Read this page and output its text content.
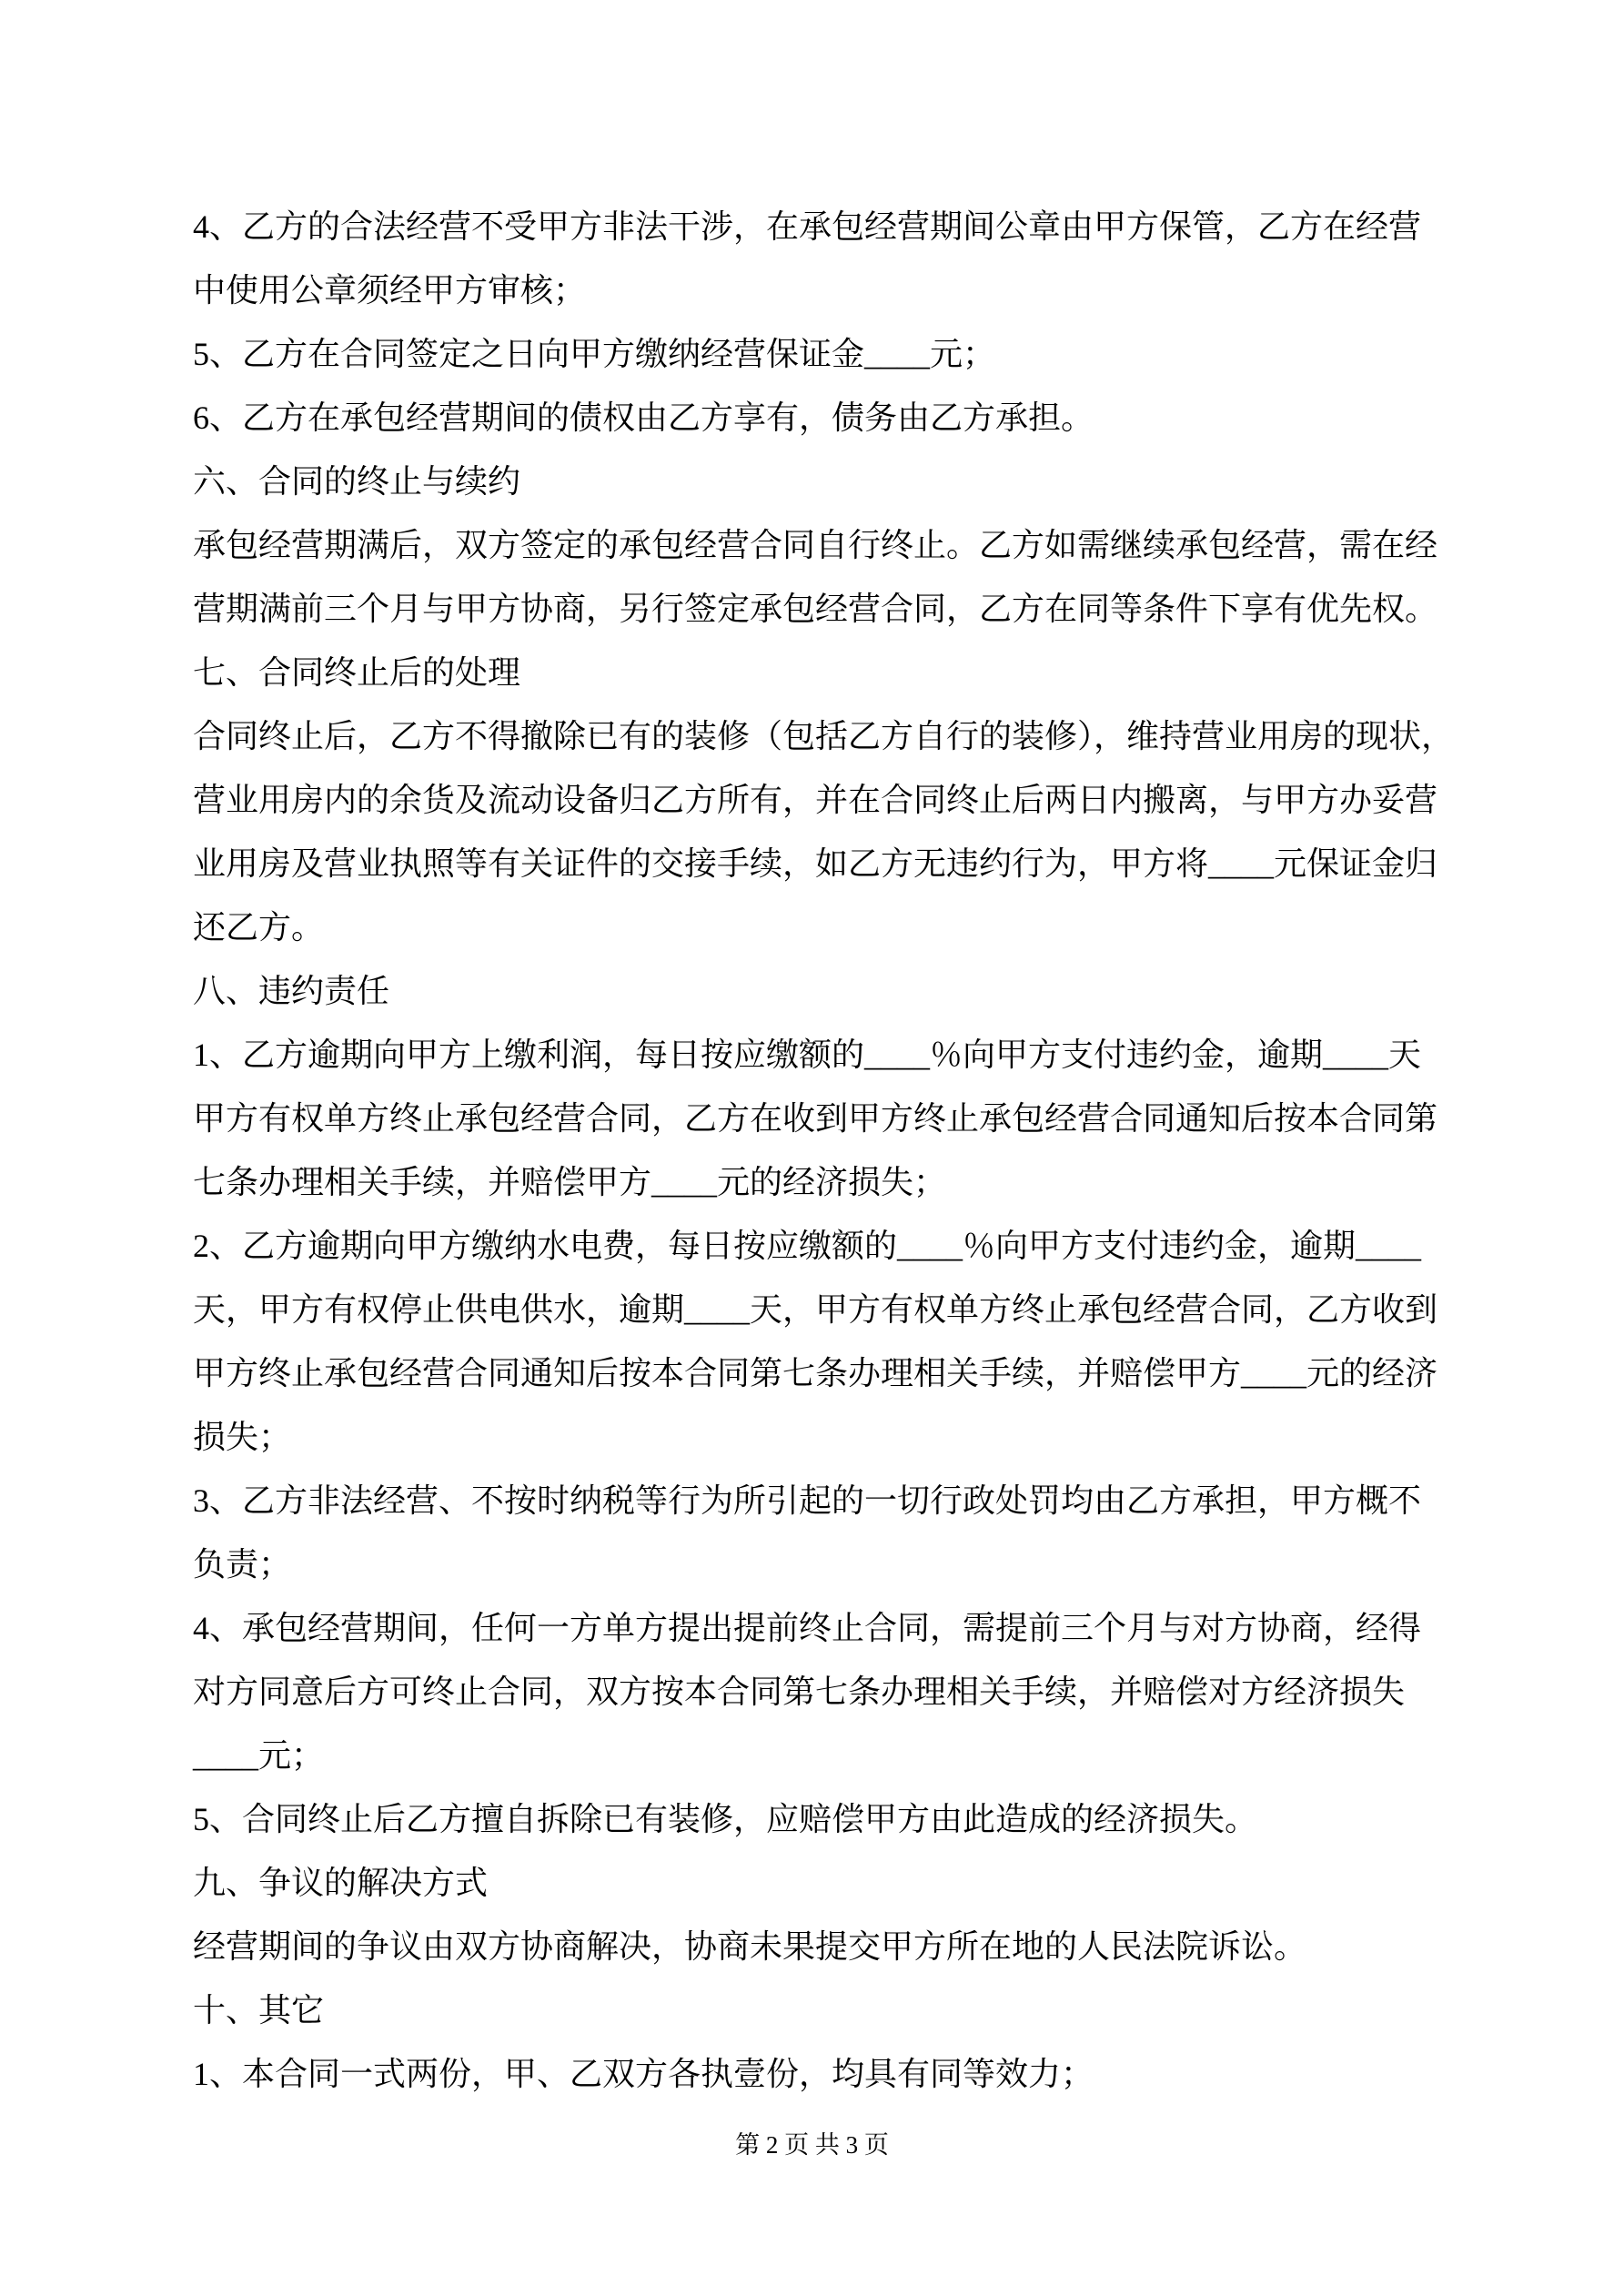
4、乙方的合法经营不受甲方非法干涉，在承包经营期间公章由甲方保管，乙方在经营
中使用公章须经甲方审核；
5、乙方在合同签定之日向甲方缴纳经营保证金____元；
6、乙方在承包经营期间的债权由乙方享有，债务由乙方承担。
六、合同的终止与续约
承包经营期满后，双方签定的承包经营合同自行终止。乙方如需继续承包经营，需在经
营期满前三个月与甲方协商，另行签定承包经营合同，乙方在同等条件下享有优先权。
七、合同终止后的处理
合同终止后，乙方不得撤除已有的装修（包括乙方自行的装修），维持营业用房的现状，
营业用房内的余货及流动设备归乙方所有，并在合同终止后两日内搬离，与甲方办妥营
业用房及营业执照等有关证件的交接手续，如乙方无违约行为，甲方将____元保证金归
还乙方。
八、违约责任
1、乙方逾期向甲方上缴利润，每日按应缴额的____％向甲方支付违约金，逾期____天
甲方有权单方终止承包经营合同，乙方在收到甲方终止承包经营合同通知后按本合同第
七条办理相关手续，并赔偿甲方____元的经济损失；
2、乙方逾期向甲方缴纳水电费，每日按应缴额的____％向甲方支付违约金，逾期____
天，甲方有权停止供电供水，逾期____天，甲方有权单方终止承包经营合同，乙方收到
甲方终止承包经营合同通知后按本合同第七条办理相关手续，并赔偿甲方____元的经济
损失；
3、乙方非法经营、不按时纳税等行为所引起的一切行政处罚均由乙方承担，甲方概不
负责；
4、承包经营期间，任何一方单方提出提前终止合同，需提前三个月与对方协商，经得
对方同意后方可终止合同，双方按本合同第七条办理相关手续，并赔偿对方经济损失
____元；
5、合同终止后乙方擅自拆除已有装修，应赔偿甲方由此造成的经济损失。
九、争议的解决方式
经营期间的争议由双方协商解决，协商未果提交甲方所在地的人民法院诉讼。
十、其它
1、本合同一式两份，甲、乙双方各执壹份，均具有同等效力；
第 2 页 共 3 页
